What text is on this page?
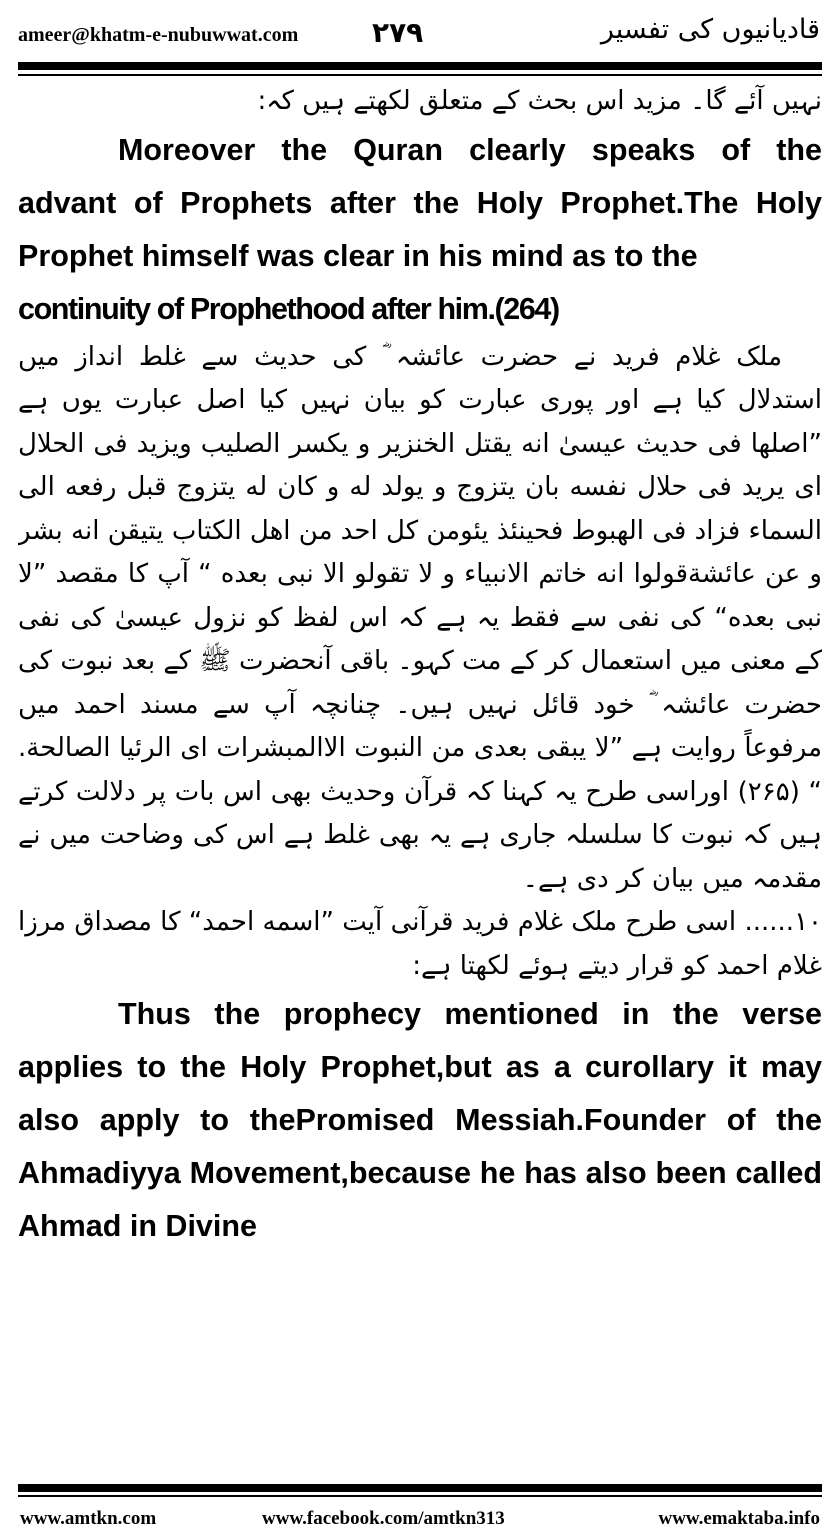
ameer@khatm-e-nubuwwat.com	۲۷۹	قادیانیوں کی تفسیر

نہیں آئے گا۔ مزید اس بحث کے متعلق لکھتے ہیں کہ:

Moreover the Quran clearly speaks of the advant of Prophets after the Holy Prophet.The Holy Prophet himself was clear in his mind as to the

continuity of Prophethood after him.(264)

ملک غلام فرید نے حضرت عائشہ ؓ کی حدیث سے غلط انداز میں استدلال کیا ہے اور پوری عبارت کو بیان نہیں کیا اصل عبارت یوں ہے ”اصلھا فی حدیث عیسیٰ انه یقتل الخنزیر و یکسر الصلیب ویزید فی الحلال ای یرید فی حلال نفسه بان یتزوج و یولد له و کان له یتزوج قبل رفعه الی السماء فزاد فی الھبوط فحینئذ یئومن کل احد من اھل الکتاب یتیقن انه بشر و عن عائشةقولوا انه خاتم الانبیاء و لا تقولو الا نبی بعده “ آپ کا مقصد ”لا نبی بعده“ کی نفی سے فقط یہ ہے کہ اس لفظ کو نزول عیسیٰ کی نفی کے معنی میں استعمال کر کے مت کہو۔ باقی آنحضرت ﷺ کے بعد نبوت کی حضرت عائشہ ؓ خود قائل نہیں ہیں۔ چنانچہ آپ سے مسند احمد میں مرفوعاً روایت ہے ”لا یبقی بعدی من النبوت الاالمبشرات ای الرئیا الصالحة. “ (۲۶۵) اوراسی طرح یہ کہنا کہ قرآن وحدیث بھی اس بات پر دلالت کرتے ہیں کہ نبوت کا سلسلہ جاری ہے یہ بھی غلط ہے اس کی وضاحت میں نے مقدمہ میں بیان کر دی ہے۔

۱۰...... اسی طرح ملک غلام فرید قرآنی آیت ”اسمه احمد“ کا مصداق مرزا غلام احمد کو قرار دیتے ہوئے لکھتا ہے:

Thus the prophecy mentioned in the verse applies to the Holy Prophet,but as a curollary it may also apply to thePromised Messiah.Founder of the Ahmadiyya Movement,because he has also been called Ahmad in Divine

www.amtkn.com	www.facebook.com/amtkn313	www.emaktaba.info
